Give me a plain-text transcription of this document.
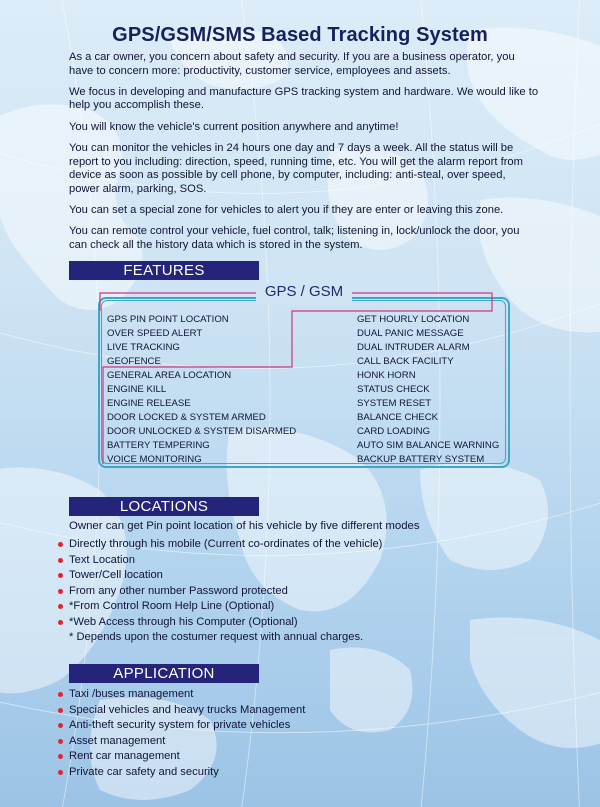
GPS/GSM/SMS Based Tracking System

As a car owner, you concern about safety and security. If you are a business operator, you have to concern more: productivity, customer service, employees and assets.

We focus in developing and manufacture GPS tracking system and hardware. We would like to help you accomplish these.

You will know the vehicle's current position anywhere and anytime!

You can monitor the vehicles in 24 hours one day and 7 days a week. All the status will be report to you including: direction, speed, running time, etc. You will get the alarm report from device as soon as possible by cell phone, by computer, including: anti-steal, over speed, power alarm, parking, SOS.

You can set a special zone for vehicles to alert you if they are enter or leaving this zone.

You can remote control your vehicle, fuel control, talk; listening in, lock/unlock the door, you can check all the history data which is stored in the system.

FEATURES
GPS / GSM
GPS PIN POINT LOCATION
OVER SPEED ALERT
LIVE TRACKING
GEOFENCE
GENERAL AREA LOCATION
ENGINE KILL
ENGINE RELEASE
DOOR LOCKED & SYSTEM ARMED
DOOR UNLOCKED & SYSTEM DISARMED
BATTERY TEMPERING
VOICE MONITORING
GET HOURLY LOCATION
DUAL PANIC MESSAGE
DUAL INTRUDER ALARM
CALL BACK FACILITY
HONK HORN
STATUS CHECK
SYSTEM RESET
BALANCE CHECK
CARD LOADING
AUTO SIM BALANCE WARNING
BACKUP BATTERY SYSTEM
LOCATIONS
Owner can get Pin point location of his vehicle by five different modes
Directly through his mobile (Current co-ordinates of the vehicle)
Text Location
Tower/Cell location
From any other number Password protected
*From Control Room Help Line (Optional)
*Web Access through his Computer (Optional)
* Depends upon the costumer request with annual charges.
APPLICATION
Taxi /buses management
Special vehicles and heavy trucks Management
Anti-theft security system for private vehicles
Asset management
Rent car management
Private car safety and security
